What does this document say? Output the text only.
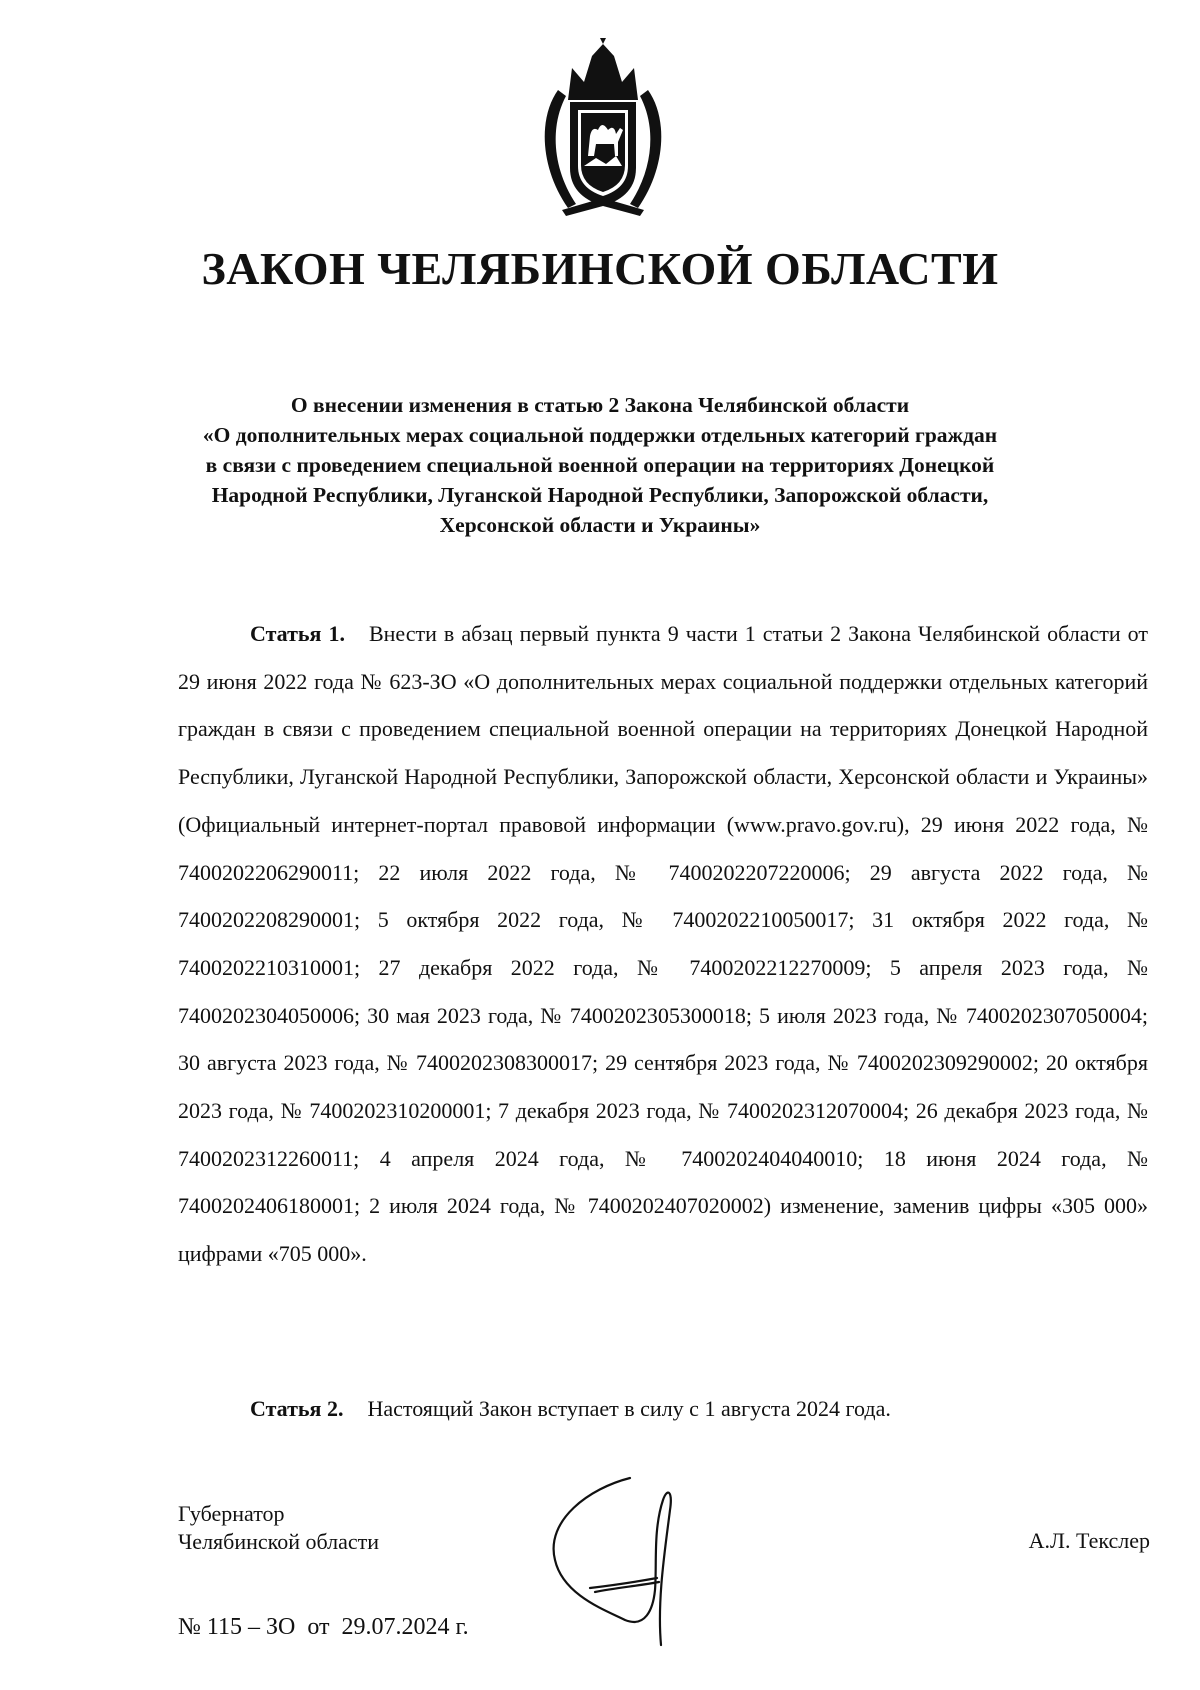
ЗАКОН ЧЕЛЯБИНСКОЙ ОБЛАСТИ
О внесении изменения в статью 2 Закона Челябинской области
«О дополнительных мерах социальной поддержки отдельных категорий граждан
в связи с проведением специальной военной операции на территориях Донецкой
Народной Республики, Луганской Народной Республики, Запорожской области,
Херсонской области и Украины»

Статья 1. Внести в абзац первый пункта 9 части 1 статьи 2 Закона Челябинской области от 29 июня 2022 года № 623-ЗО «О дополнительных мерах социальной поддержки отдельных категорий граждан в связи с проведением специальной военной операции на территориях Донецкой Народной Республики, Луганской Народной Республики, Запорожской области, Херсонской области и Украины» (Официальный интернет-портал правовой информации (www.pravo.gov.ru), 29 июня 2022 года, № 7400202206290011; 22 июля 2022 года, № 7400202207220006; 29 августа 2022 года, № 7400202208290001; 5 октября 2022 года, № 7400202210050017; 31 октября 2022 года, № 7400202210310001; 27 декабря 2022 года, № 7400202212270009; 5 апреля 2023 года, № 7400202304050006; 30 мая 2023 года, № 7400202305300018; 5 июля 2023 года, № 7400202307050004; 30 августа 2023 года, № 7400202308300017; 29 сентября 2023 года, № 7400202309290002; 20 октября 2023 года, № 7400202310200001; 7 декабря 2023 года, № 7400202312070004; 26 декабря 2023 года, № 7400202312260011; 4 апреля 2024 года, № 7400202404040010; 18 июня 2024 года, № 7400202406180001; 2 июля 2024 года, № 7400202407020002) изменение, заменив цифры «305 000» цифрами «705 000».

Статья 2. Настоящий Закон вступает в силу с 1 августа 2024 года.

Губернатор
Челябинской области	А.Л. Текслер
№ 115 – ЗО  от  29.07.2024 г.
